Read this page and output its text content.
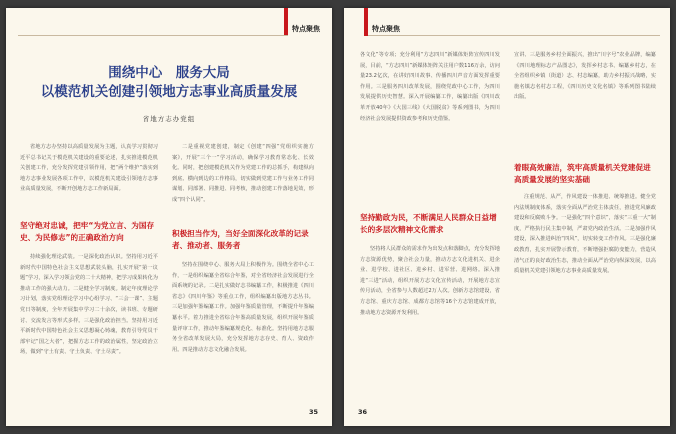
特点聚焦
围绕中心　服务大局
以模范机关创建引领地方志事业高质量发展
省地方志办党组
省地方志办坚持以高质量发展为主题，认真学习贯彻习近平总书记关于模范机关建设的重要论述，扎实推进模范机关创建工作，充分发挥党建引领作用，把“两个维护”落实到地方志事业发展各项工作中，以模范机关建设引领地方志事业高质量发展，不断开创地方志工作新局面。
坚守绝对忠诚，把牢“为党立言、为国存史、为民修志”的正确政治方向
持续强化理论武装。一是深化政治认识。坚持用习近平新时代中国特色社会主义思想武装头脑，扎实开展“第一议题”学习，深入学习领会党的二十大精神，把学习成果转化为推动工作的强大动力。二是健全学习制度。制定年度理论学习计划，落实党组理论学习中心组学习、“三会一课”、主题党日等制度，全年开展集中学习二十余次，读书班、专题研讨、交流发言等形式多样。三是强化政治担当。坚持用习近平新时代中国特色社会主义思想凝心铸魂，教育引导党员干部牢记“国之大者”，把握方志工作的政治属性，坚定政治立场，做到“守土有责、守土负责、守土尽责”。
二是重视党建创建，制定《创建“四强”党组织实施方案》，开展“三个一”学习活动，确保学习教育常态化、长效化。同时，把创建模范机关作为党建工作的总抓手，构建纵向到底、横向到边的工作格局，切实做到党建工作与业务工作同谋划、同部署、同推进、同考核，推动创建工作落地见效，形成“四个认同”。
积极担当作为，当好全面深化改革的记录者、推动者、服务者
坚持在围绕中心、服务大局上积极作为。围绕全省中心工作，一是组织编纂全省综合年鉴，对全省经济社会发展进行全面系统的记录。二是扎实做好志书编纂工作，积极推进《四川省志》《四川年鉴》等重点工作，组织编纂出版地方志丛书。三是加强年鉴编纂工作。加强年鉴质量管理，不断提升年鉴编纂水平。着力推进全省综合年鉴高质量发展，组织开展年鉴质量评审工作，推动年鉴编纂规范化、标准化。坚持用地方志服务全省改革发展大局，充分发挥地方志存史、育人、资政作用。四是推动方志文化融合发展。
35
特点聚焦
各文化”等专项；充分利用“方志四川”新媒体矩阵宣传四川发展，目前，“方志四川”新媒体矩阵关注用户数116万余，访问量23.2亿次，在讲好四川故事、传播四川声音方面发挥重要作用。三是服务四川改革发展，围绕党政中心工作，为四川发展提供历史智慧。深入开展编纂工作，编纂出版《四川改革开放40年》《大国三线》《大国脱贫》等系列图书，为四川经济社会发展提供资政参考和历史借鉴。
坚持勤政为民，不断满足人民群众日益增长的多层次精神文化需求
坚持将人民群众的需求作为出发点和落脚点，充分发挥地方志资源优势，聚合社会力量，推动方志文化进机关、进企业、进学校、进社区、进乡村、进军营、进网络。深入推进“三进”活动，组织开展方志文化宣传活动，开展地方志宣传月活动，全省参与人数超过2万人次。创新方志馆建设，省方志馆、重庆方志馆、成都方志馆等16个方志馆建成开放，推动地方志资源开发利用。
宣讲、三是服务乡村全面振兴，推出“川字号”农业品牌，编纂《四川地理标志产品图志》，发挥乡村志书、编纂乡村志，在全省组织乡镇（街道）志、村志编纂，助力乡村振兴战略，实施名镇志名村志工程，《四川历史文化名镇》等系列图书陆续出版。
着眼高效廉洁，筑牢高质量机关党建促进高质量发展的坚实基础
注重规范、从严，作风建设一体推进、统筹推进。健全党内法规制度体系，落实全面从严治党主体责任，推进党风廉政建设和反腐败斗争。一是强化“四个意识”，落实“三重一大”制度，严格执行民主集中制，严肃党内政治生活。二是加强作风建设，深入推进纠治“四风”，切实转变工作作风。三是强化廉政教育，扎实开展警示教育，不断增强拒腐防变能力，营造风清气正的良好政治生态，推动全面从严治党向纵深发展，以高质量机关党建引领地方志事业高质量发展。
36
